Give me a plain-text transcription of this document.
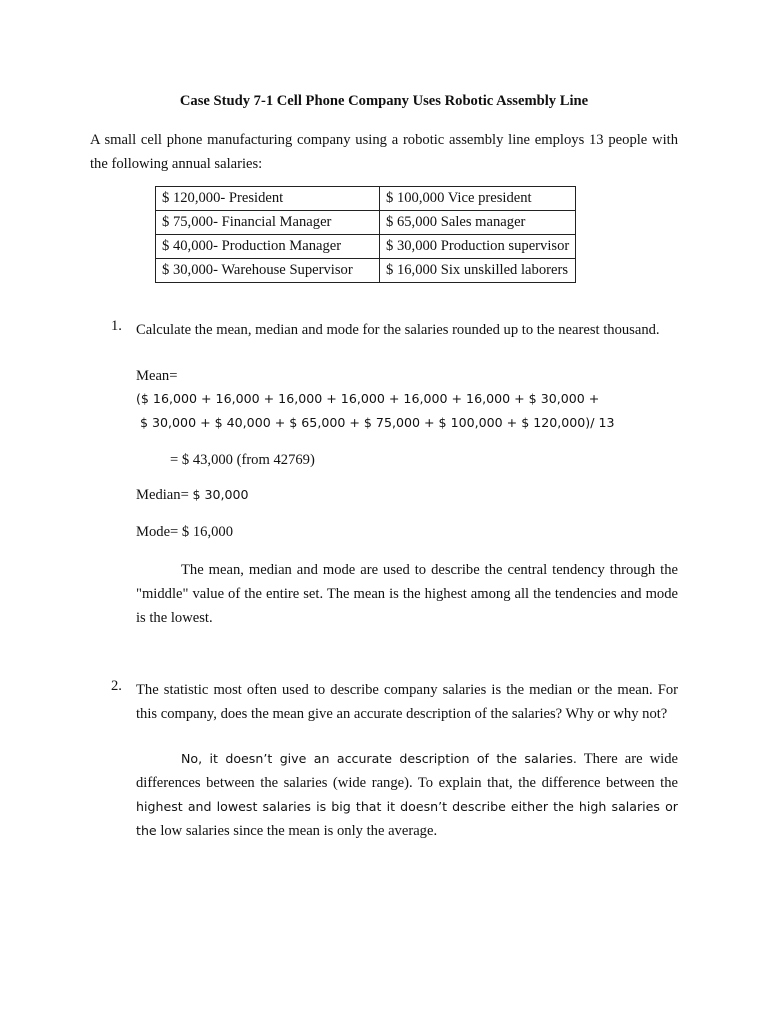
Case Study 7-1 Cell Phone Company Uses Robotic Assembly Line
A small cell phone manufacturing company using a robotic assembly line employs 13 people with the following annual salaries:
$ 120,000- President	$ 100,000 Vice president
$ 75,000- Financial Manager	$ 65,000 Sales manager
$ 40,000- Production Manager	$ 30,000 Production supervisor
$ 30,000- Warehouse Supervisor	$ 16,000 Six unskilled laborers
1. Calculate the mean, median and mode for the salaries rounded up to the nearest thousand.
Mean=
($ 16,000 + 16,000 + 16,000 + 16,000 + 16,000 + 16,000 + $ 30,000 +
$ 30,000 + $ 40,000 + $ 65,000 + $ 75,000 + $ 100,000 + $ 120,000)/ 13
= $ 43,000 (from 42769)
Median= $ 30,000
Mode= $ 16,000
The mean, median and mode are used to describe the central tendency through the "middle" value of the entire set. The mean is the highest among all the tendencies and mode is the lowest.
2. The statistic most often used to describe company salaries is the median or the mean. For this company, does the mean give an accurate description of the salaries? Why or why not?
No, it doesn’t give an accurate description of the salaries. There are wide differences between the salaries (wide range). To explain that, the difference between the highest and lowest salaries is big that it doesn’t describe either the high salaries or the low salaries since the mean is only the average.
